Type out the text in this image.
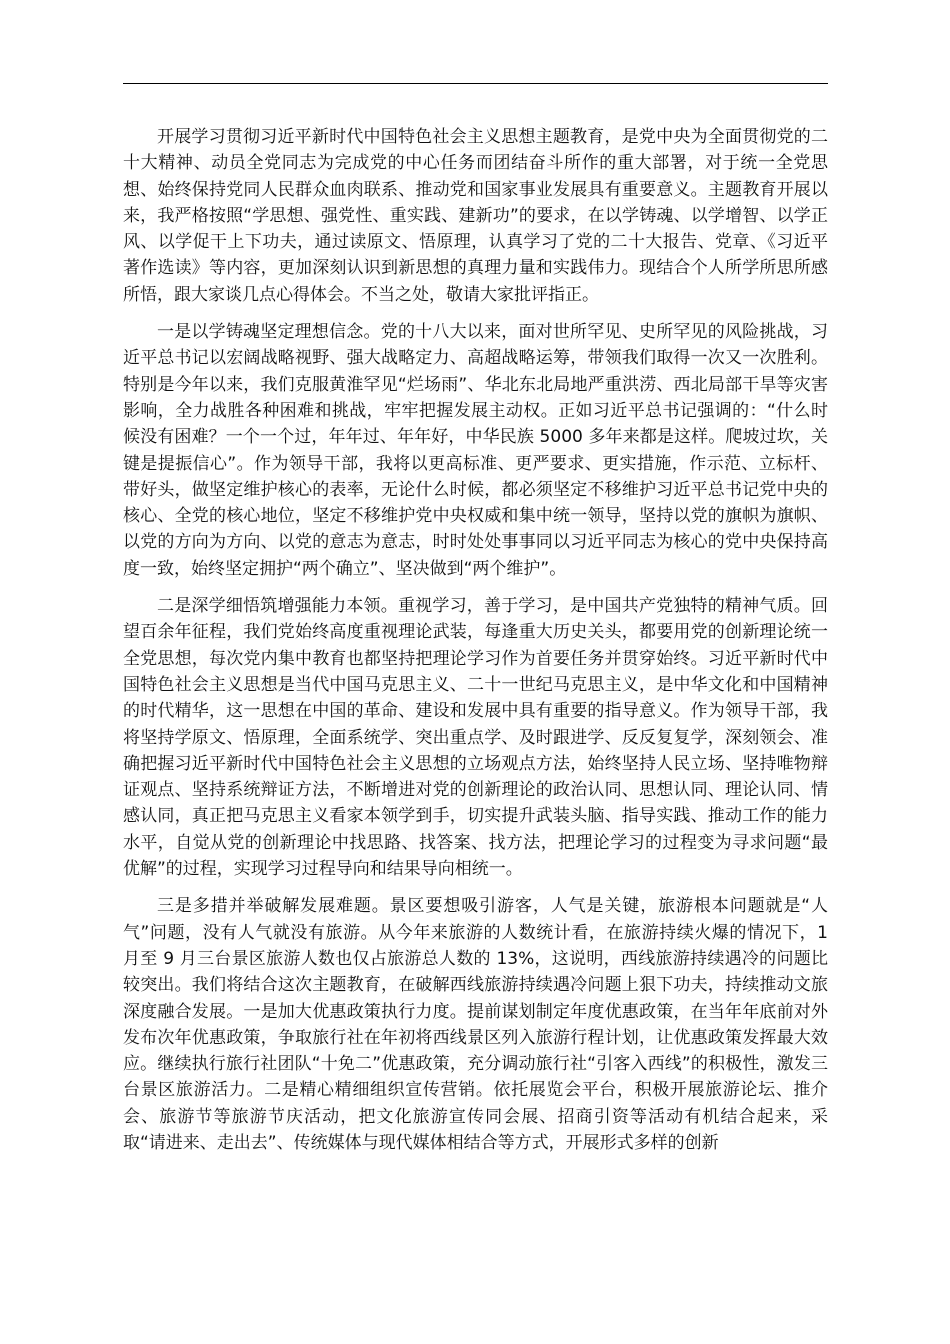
开展学习贯彻习近平新时代中国特色社会主义思想主题教育，是党中央为全面贯彻党的二十大精神、动员全党同志为完成党的中心任务而团结奋斗所作的重大部署，对于统一全党思想、始终保持党同人民群众血肉联系、推动党和国家事业发展具有重要意义。主题教育开展以来，我严格按照“学思想、强党性、重实践、建新功”的要求，在以学铸魂、以学增智、以学正风、以学促干上下功夫，通过读原文、悟原理，认真学习了党的二十大报告、党章、《习近平著作选读》等内容，更加深刻认识到新思想的真理力量和实践伟力。现结合个人所学所思所感所悟，跟大家谈几点心得体会。不当之处，敬请大家批评指正。

一是以学铸魂坚定理想信念。党的十八大以来，面对世所罕见、史所罕见的风险挑战，习近平总书记以宏阔战略视野、强大战略定力、高超战略运筹，带领我们取得一次又一次胜利。特别是今年以来，我们克服黄淮罕见“烂场雨”、华北东北局地严重洪涝、西北局部干旱等灾害影响，全力战胜各种困难和挑战，牢牢把握发展主动权。正如习近平总书记强调的：“什么时候没有困难？一个一个过，年年过、年年好，中华民族 5000 多年来都是这样。爬坡过坎，关键是提振信心”。作为领导干部，我将以更高标准、更严要求、更实措施，作示范、立标杆、带好头，做坚定维护核心的表率，无论什么时候，都必须坚定不移维护习近平总书记党中央的核心、全党的核心地位，坚定不移维护党中央权威和集中统一领导，坚持以党的旗帜为旗帜、以党的方向为方向、以党的意志为意志，时时处处事事同以习近平同志为核心的党中央保持高度一致，始终坚定拥护“两个确立”、坚决做到“两个维护”。

二是深学细悟筑增强能力本领。重视学习，善于学习，是中国共产党独特的精神气质。回望百余年征程，我们党始终高度重视理论武装，每逢重大历史关头，都要用党的创新理论统一全党思想，每次党内集中教育也都坚持把理论学习作为首要任务并贯穿始终。习近平新时代中国特色社会主义思想是当代中国马克思主义、二十一世纪马克思主义，是中华文化和中国精神的时代精华，这一思想在中国的革命、建设和发展中具有重要的指导意义。作为领导干部，我将坚持学原文、悟原理，全面系统学、突出重点学、及时跟进学、反反复复学，深刻领会、准确把握习近平新时代中国特色社会主义思想的立场观点方法，始终坚持人民立场、坚持唯物辩证观点、坚持系统辩证方法，不断增进对党的创新理论的政治认同、思想认同、理论认同、情感认同，真正把马克思主义看家本领学到手，切实提升武装头脑、指导实践、推动工作的能力水平，自觉从党的创新理论中找思路、找答案、找方法，把理论学习的过程变为寻求问题“最优解”的过程，实现学习过程导向和结果导向相统一。

三是多措并举破解发展难题。景区要想吸引游客，人气是关键，旅游根本问题就是“人气”问题，没有人气就没有旅游。从今年来旅游的人数统计看，在旅游持续火爆的情况下，1 月至 9 月三台景区旅游人数也仅占旅游总人数的 13%，这说明，西线旅游持续遇冷的问题比较突出。我们将结合这次主题教育，在破解西线旅游持续遇冷问题上狠下功夫，持续推动文旅深度融合发展。一是加大优惠政策执行力度。提前谋划制定年度优惠政策，在当年年底前对外发布次年优惠政策，争取旅行社在年初将西线景区列入旅游行程计划，让优惠政策发挥最大效应。继续执行旅行社团队“十免二”优惠政策，充分调动旅行社“引客入西线”的积极性，激发三台景区旅游活力。二是精心精细组织宣传营销。依托展览会平台，积极开展旅游论坛、推介会、旅游节等旅游节庆活动，把文化旅游宣传同会展、招商引资等活动有机结合起来，采取“请进来、走出去”、传统媒体与现代媒体相结合等方式，开展形式多样的创新
